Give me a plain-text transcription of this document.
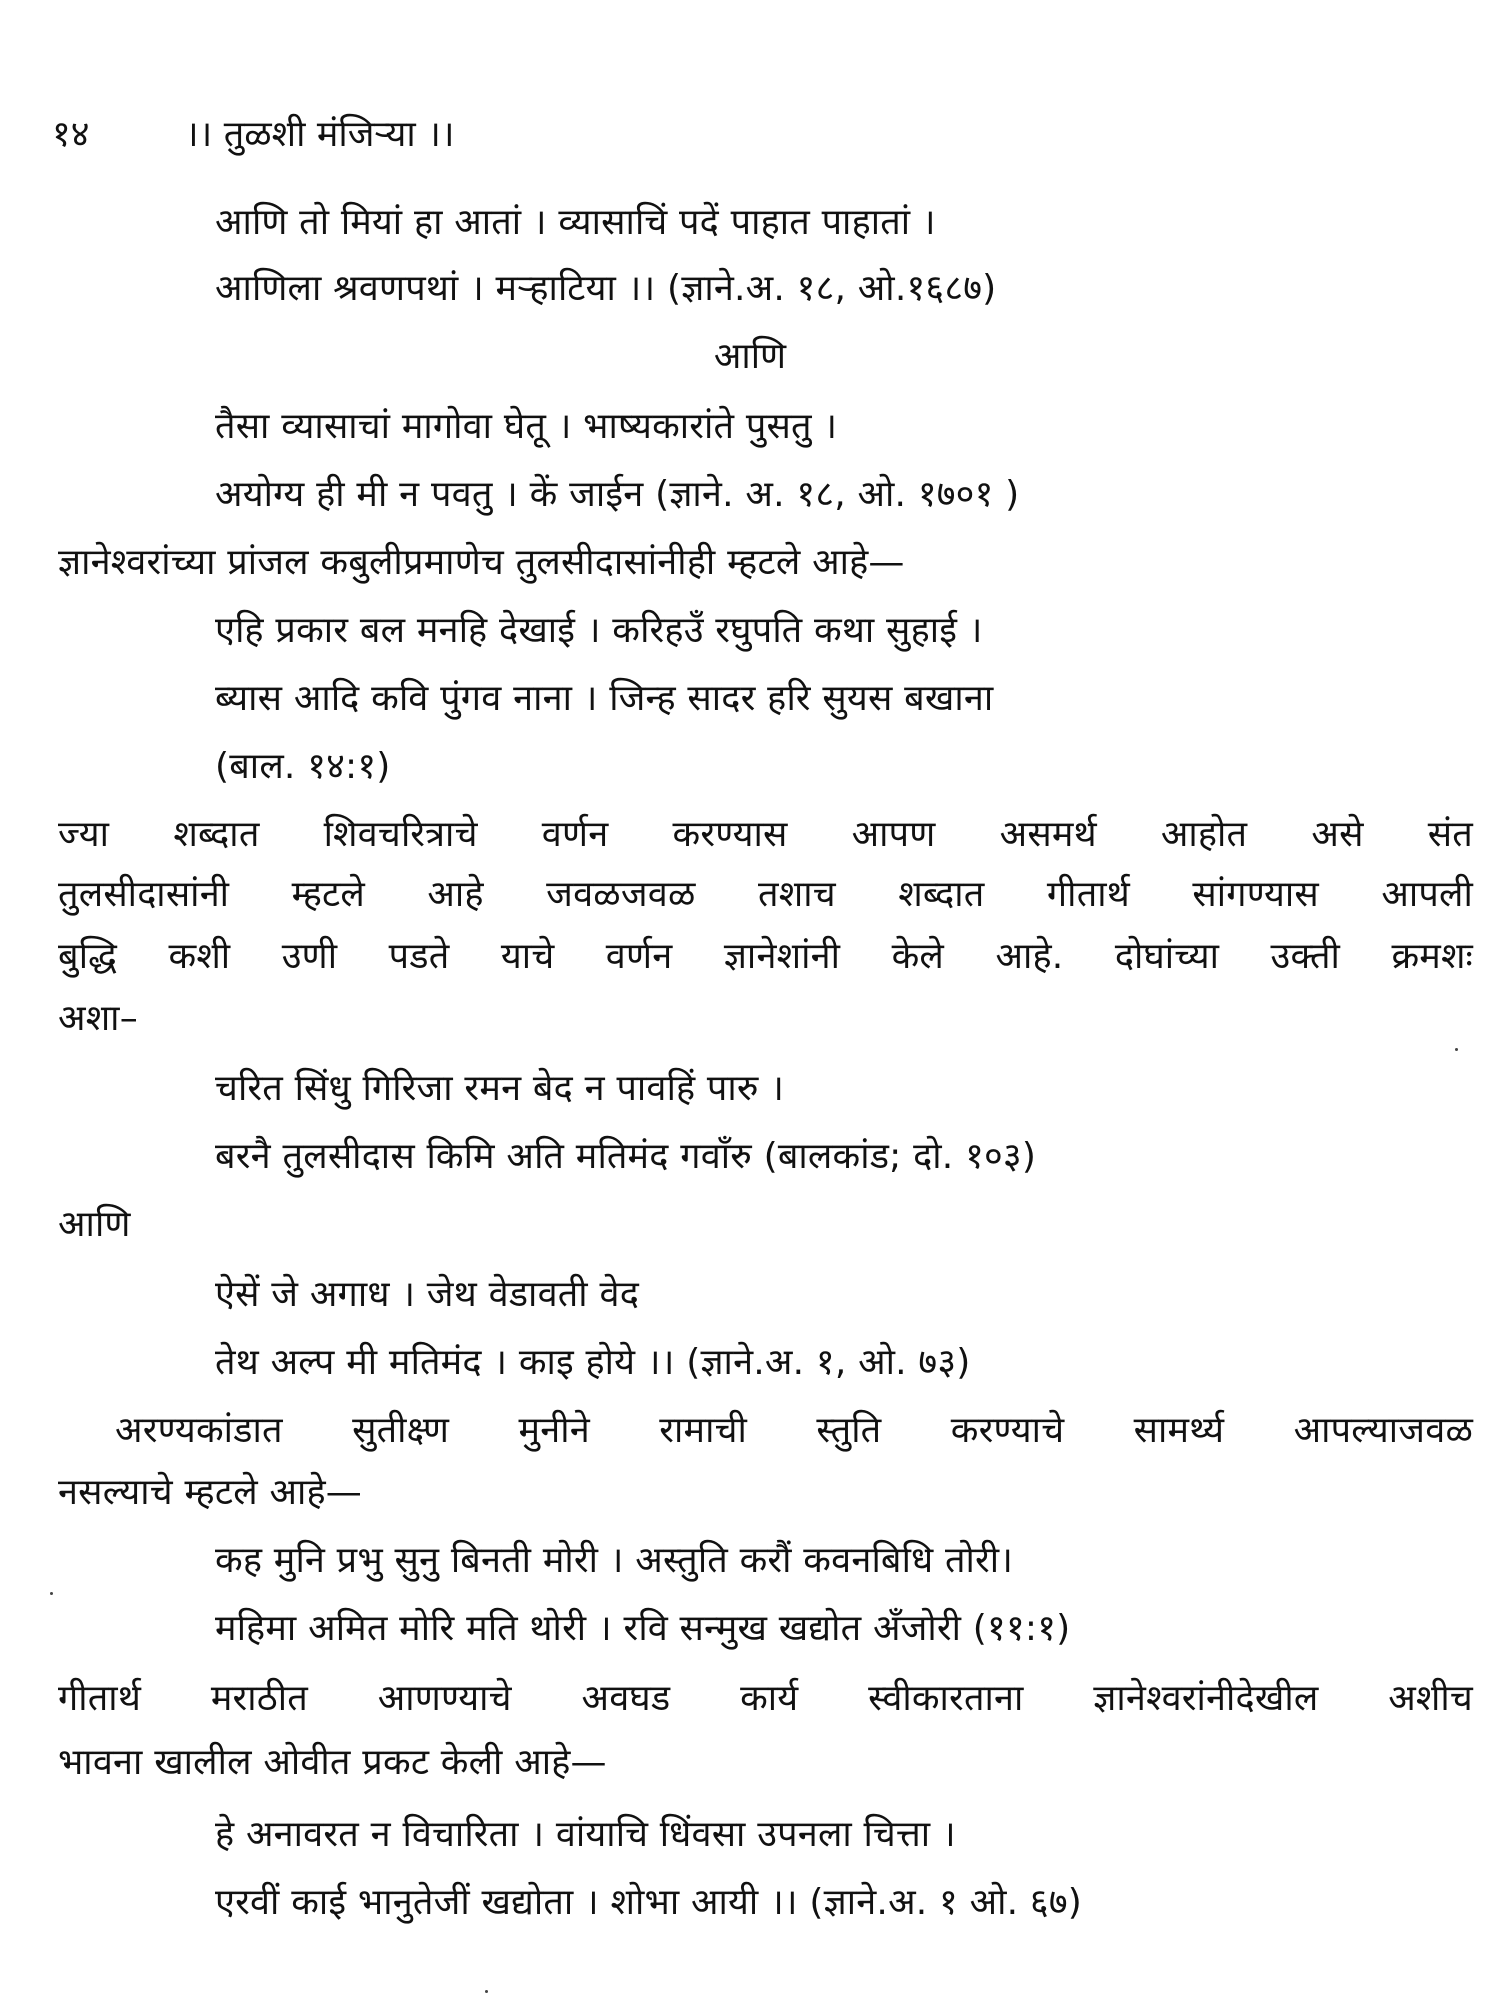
१४	।। तुळशी मंजिऱ्या ।।
आणि तो मियां हा आतां । व्यासाचिं पदें पाहात पाहातां ।
आणिला श्रवणपथां । मऱ्हाटिया ।। (ज्ञाने.अ. १८, ओ.१६८७)
आणि
तैसा व्यासाचां मागोवा घेतू । भाष्यकारांते पुसतु ।
अयोग्य ही मी न पवतु । कें जाईन (ज्ञाने. अ. १८, ओ. १७०१ )
ज्ञानेश्वरांच्या प्रांजल कबुलीप्रमाणेच तुलसीदासांनीही म्हटले आहे—
एहि प्रकार बल मनहि देखाई । करिहउँ रघुपति कथा सुहाई ।
ब्यास आदि कवि पुंगव नाना । जिन्ह सादर हरि सुयस बखाना
(बाल. १४:१)
ज्या शब्दात शिवचरित्राचे वर्णन करण्यास आपण असमर्थ आहोत असे संत
तुलसीदासांनी म्हटले आहे जवळजवळ तशाच शब्दात गीतार्थ सांगण्यास आपली
बुद्धि कशी उणी पडते याचे वर्णन ज्ञानेशांनी केले आहे. दोघांच्या उक्ती क्रमशः
अशा–
चरित सिंधु गिरिजा रमन बेद न पावहिं पारु ।
बरनै तुलसीदास किमि अति मतिमंद गवाँरु (बालकांड; दो. १०३)
आणि
ऐसें जे अगाध । जेथ वेडावती वेद
तेथ अल्प मी मतिमंद । काइ होये ।। (ज्ञाने.अ. १, ओ. ७३)
अरण्यकांडात सुतीक्ष्ण मुनीने रामाची स्तुति करण्याचे सामर्थ्य आपल्याजवळ
नसल्याचे म्हटले आहे—
कह मुनि प्रभु सुनु बिनती मोरी । अस्तुति करौं कवनबिधि तोरी।
महिमा अमित मोरि मति थोरी । रवि सन्मुख खद्योत अँजोरी (११:१)
गीतार्थ मराठीत आणण्याचे अवघड कार्य स्वीकारताना ज्ञानेश्वरांनीदेखील अशीच
भावना खालील ओवीत प्रकट केली आहे—
हे अनावरत न विचारिता । वांयाचि धिंवसा उपनला चित्ता ।
एरवीं काई भानुतेजीं खद्योता । शोभा आयी ।। (ज्ञाने.अ. १ ओ. ६७)
